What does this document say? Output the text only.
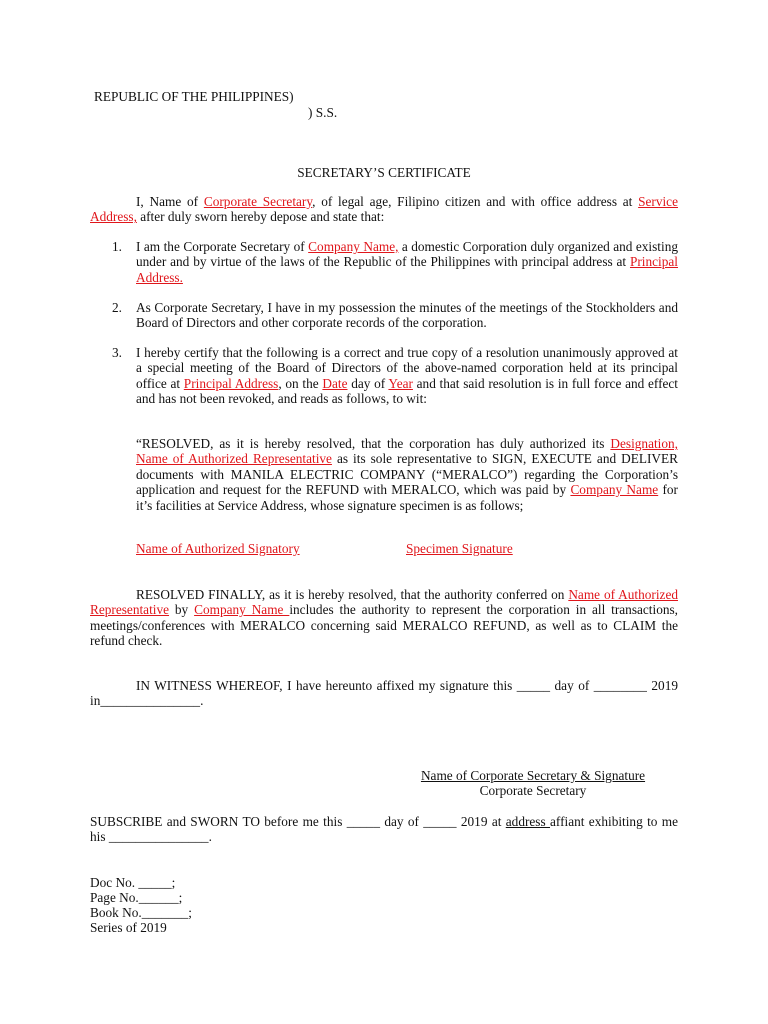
REPUBLIC OF THE PHILIPPINES)
) S.S.
SECRETARY’S CERTIFICATE

I, Name of Corporate Secretary, of legal age, Filipino citizen and with office address at Service Address, after duly sworn hereby depose and state that:

1. I am the Corporate Secretary of Company Name, a domestic Corporation duly organized and existing under and by virtue of the laws of the Republic of the Philippines with principal address at Principal Address.

2. As Corporate Secretary, I have in my possession the minutes of the meetings of the Stockholders and Board of Directors and other corporate records of the corporation.

3. I hereby certify that the following is a correct and true copy of a resolution unanimously approved at a special meeting of the Board of Directors of the above-named corporation held at its principal office at Principal Address, on the Date day of Year and that said resolution is in full force and effect and has not been revoked, and reads as follows, to wit:

“RESOLVED, as it is hereby resolved, that the corporation has duly authorized its Designation, Name of Authorized Representative as its sole representative to SIGN, EXECUTE and DELIVER documents with MANILA ELECTRIC COMPANY (“MERALCO”) regarding the Corporation’s application and request for the REFUND with MERALCO, which was paid by Company Name for it’s facilities at Service Address, whose signature specimen is as follows;

Name of Authorized Signatory	Specimen Signature

RESOLVED FINALLY, as it is hereby resolved, that the authority conferred on Name of Authorized Representative by Company Name includes the authority to represent the corporation in all transactions, meetings/conferences with MERALCO concerning said MERALCO REFUND, as well as to CLAIM the refund check.

IN WITNESS WHEREOF, I have hereunto affixed my signature this _____ day of ________ 2019 in_______________.

Name of Corporate Secretary & Signature
Corporate Secretary

SUBSCRIBE and SWORN TO before me this _____ day of _____ 2019 at address affiant exhibiting to me his _______________.

Doc No. _____;
Page No.______;
Book No._______;
Series of 2019
